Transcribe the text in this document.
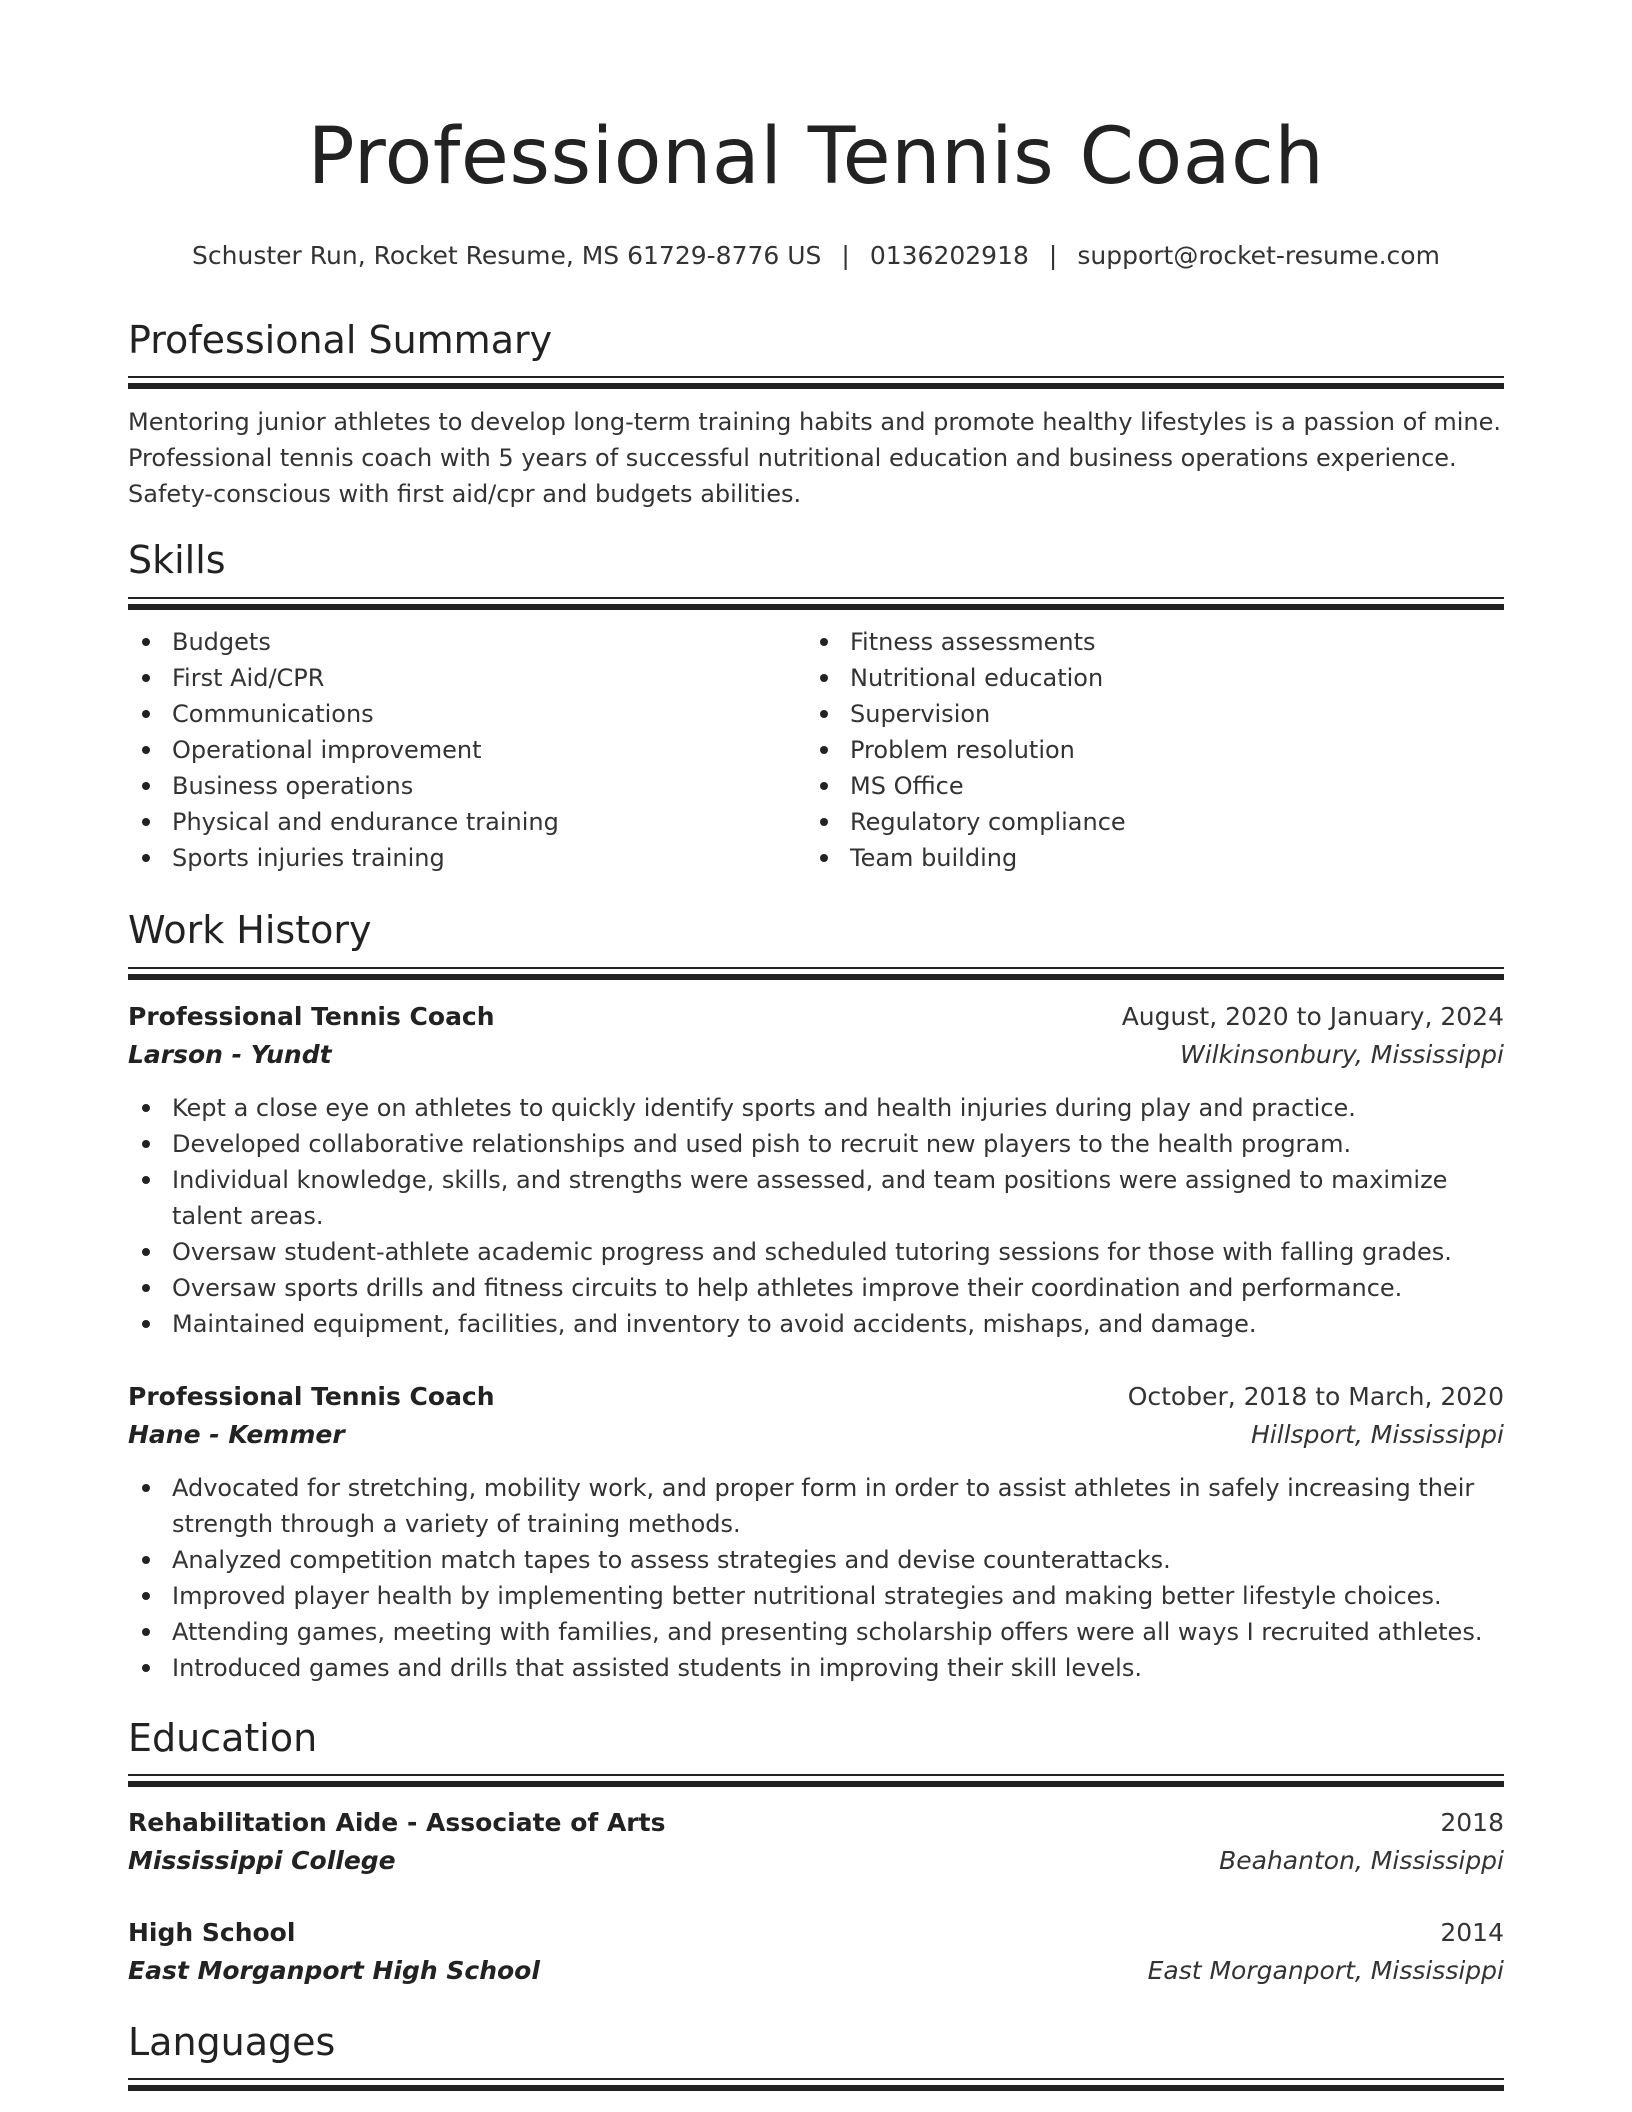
Professional Tennis Coach
Schuster Run, Rocket Resume, MS 61729-8776 US | 0136202918 | support@rocket-resume.com
Professional Summary

Mentoring junior athletes to develop long-term training habits and promote healthy lifestyles is a passion of mine. Professional tennis coach with 5 years of successful nutritional education and business operations experience. Safety-conscious with first aid/cpr and budgets abilities.

Skills
Budgets
First Aid/CPR
Communications
Operational improvement
Business operations
Physical and endurance training
Sports injuries training
Fitness assessments
Nutritional education
Supervision
Problem resolution
MS Office
Regulatory compliance
Team building
Work History
Professional Tennis Coach	August, 2020 to January, 2024
Larson - Yundt	Wilkinsonbury, Mississippi
Kept a close eye on athletes to quickly identify sports and health injuries during play and practice.
Developed collaborative relationships and used pish to recruit new players to the health program.
Individual knowledge, skills, and strengths were assessed, and team positions were assigned to maximize talent areas.
Oversaw student-athlete academic progress and scheduled tutoring sessions for those with falling grades.
Oversaw sports drills and fitness circuits to help athletes improve their coordination and performance.
Maintained equipment, facilities, and inventory to avoid accidents, mishaps, and damage.
Professional Tennis Coach	October, 2018 to March, 2020
Hane - Kemmer	Hillsport, Mississippi
Advocated for stretching, mobility work, and proper form in order to assist athletes in safely increasing their strength through a variety of training methods.
Analyzed competition match tapes to assess strategies and devise counterattacks.
Improved player health by implementing better nutritional strategies and making better lifestyle choices.
Attending games, meeting with families, and presenting scholarship offers were all ways I recruited athletes.
Introduced games and drills that assisted students in improving their skill levels.
Education
Rehabilitation Aide - Associate of Arts	2018
Mississippi College	Beahanton, Mississippi
High School	2014
East Morganport High School	East Morganport, Mississippi
Languages
